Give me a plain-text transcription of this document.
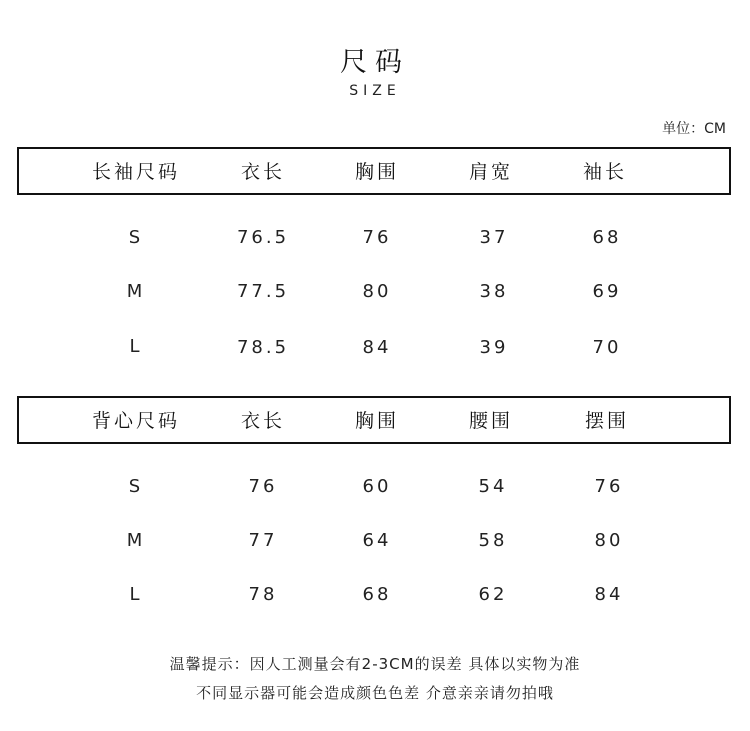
尺码
SIZE
单位：CM
长袖尺码	衣长	胸围	肩宽	袖长
S	76.5	76	37	68
M	77.5	80	38	69
L	78.5	84	39	70
背心尺码	衣长	胸围	腰围	摆围
S	76	60	54	76
M	77	64	58	80
L	78	68	62	84
温馨提示：因人工测量会有2-3CM的误差 具体以实物为准
不同显示器可能会造成颜色色差 介意亲亲请勿拍哦
